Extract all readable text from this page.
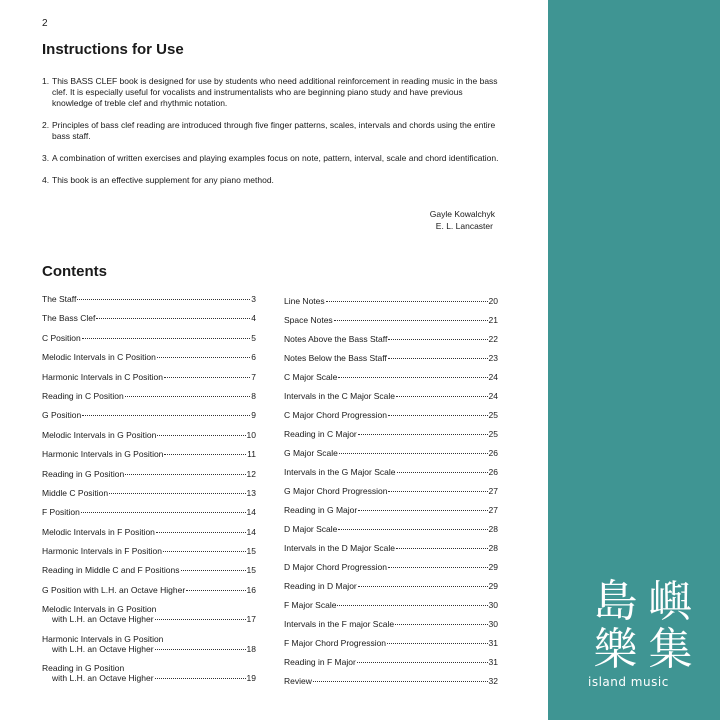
2
Instructions for Use
1. This BASS CLEF book is designed for use by students who need additional reinforcement in reading music in the bass clef. It is especially useful for vocalists and instrumentalists who are beginning piano study and have previous knowledge of treble clef and rhythmic notation.
2. Principles of bass clef reading are introduced through five finger patterns, scales, intervals and chords using the entire bass staff.
3. A combination of written exercises and playing examples focus on note, pattern, interval, scale and chord identification.
4. This book is an effective supplement for any piano method.
Gayle Kowalchyk
E. L. Lancaster
Contents
The Staff	3
The Bass Clef	4
C Position	5
Melodic Intervals in C Position	6
Harmonic Intervals in C Position	7
Reading in C Position	8
G Position	9
Melodic Intervals in G Position	10
Harmonic Intervals in G Position	11
Reading in G Position	12
Middle C Position	13
F Position	14
Melodic Intervals in F Position	14
Harmonic Intervals in F Position	15
Reading in Middle C and F Positions	15
G Position with L.H. an Octave Higher	16
Melodic Intervals in G Position
with L.H. an Octave Higher	17
Harmonic Intervals in G Position
with L.H. an Octave Higher	18
Reading in G Position
with L.H. an Octave Higher	19
Line Notes	20
Space Notes	21
Notes Above the Bass Staff	22
Notes Below the Bass Staff	23
C Major Scale	24
Intervals in the C Major Scale	24
C Major Chord Progression	25
Reading in C Major	25
G Major Scale	26
Intervals in the G Major Scale	26
G Major Chord Progression	27
Reading in G Major	27
D Major Scale	28
Intervals in the D Major Scale	28
D Major Chord Progression	29
Reading in D Major	29
F Major Scale	30
Intervals in the F major Scale	30
F Major Chord Progression	31
Reading in F Major	31
Review	32
島 嶼
樂 集
island music
